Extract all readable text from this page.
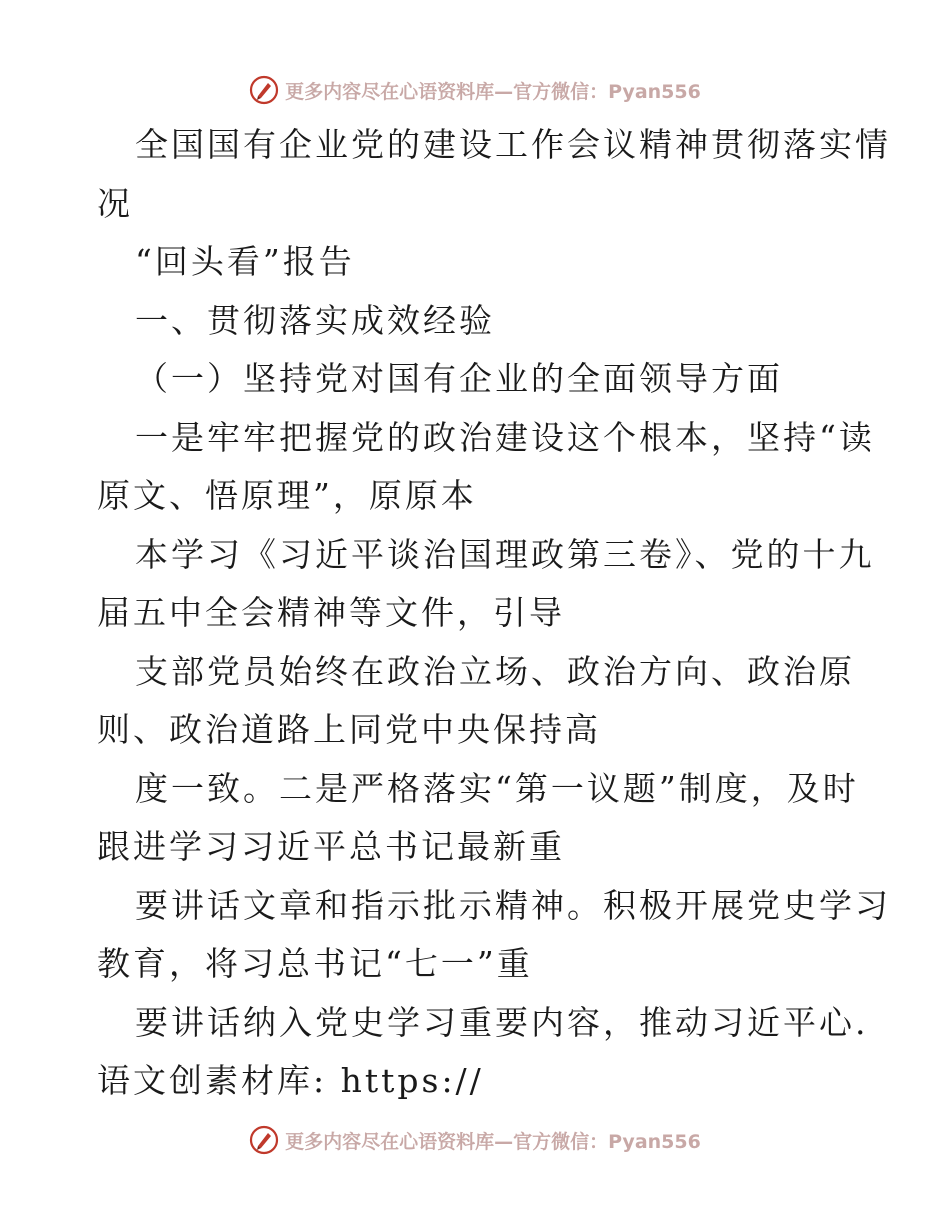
更多内容尽在心语资料库—官方微信：Pyan556
全国国有企业党的建设工作会议精神贯彻落实情
况
“回头看”报告
一、贯彻落实成效经验
（一）坚持党对国有企业的全面领导方面
一是牢牢把握党的政治建设这个根本，坚持“读
原文、悟原理”，原原本
本学习《习近平谈治国理政第三卷》、党的十九
届五中全会精神等文件，引导
支部党员始终在政治立场、政治方向、政治原
则、政治道路上同党中央保持高
度一致。二是严格落实“第一议题”制度，及时
跟进学习习近平总书记最新重
要讲话文章和指示批示精神。积极开展党史学习
教育，将习总书记“七一”重
要讲话纳入党史学习重要内容，推动习近平心.
语文创素材库: https://
更多内容尽在心语资料库—官方微信：Pyan556
